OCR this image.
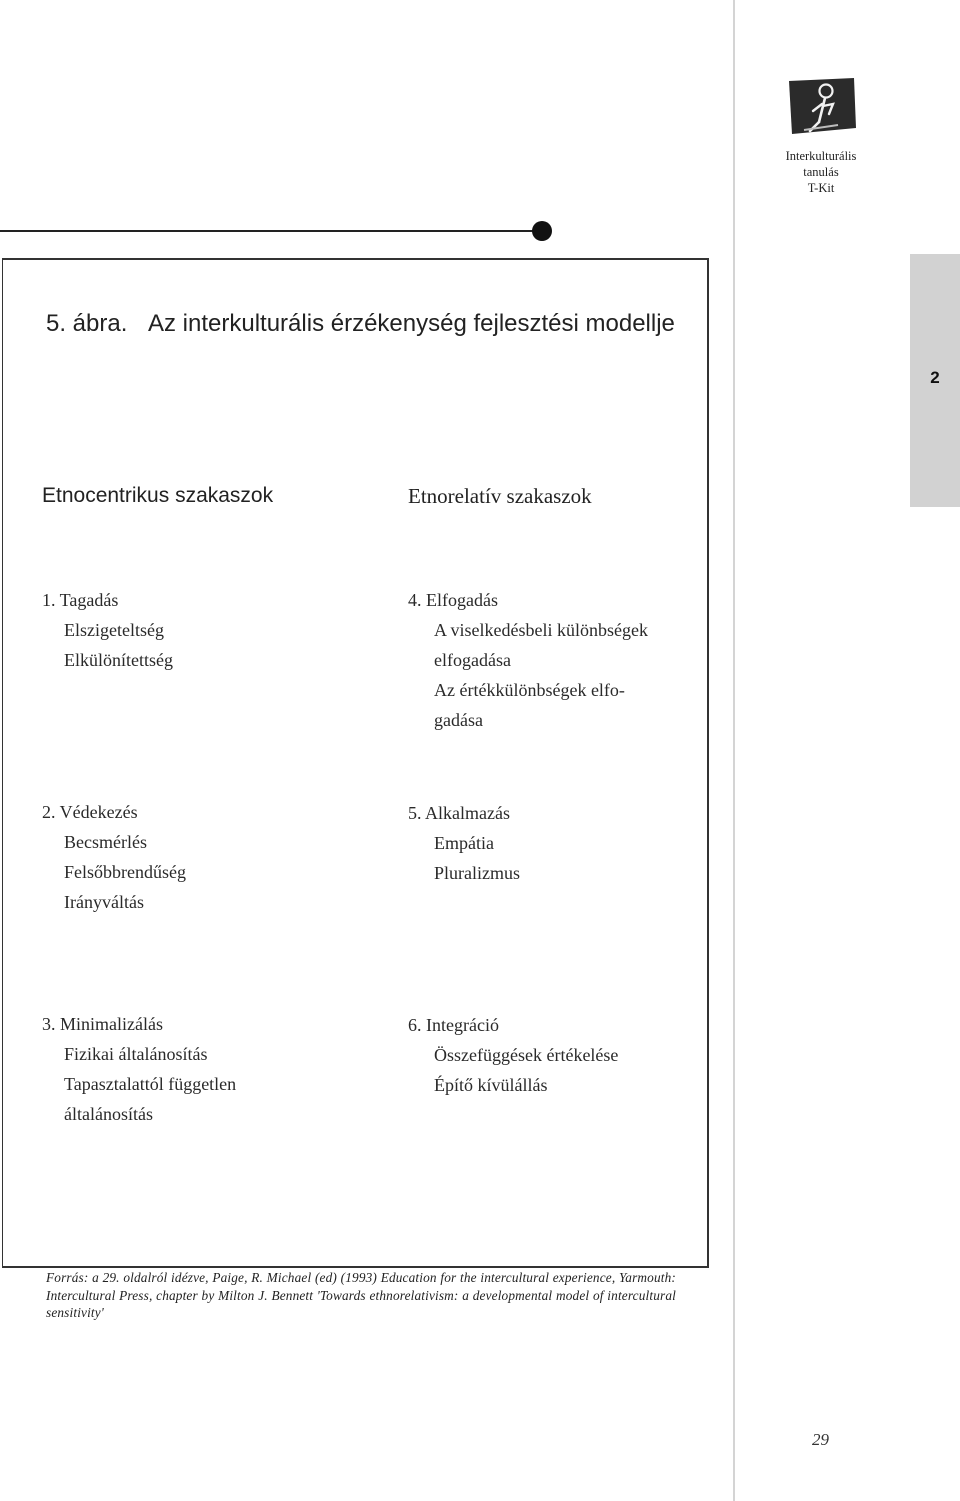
Interkulturális
tanulás
T-Kit
2
5. ábra. Az interkulturális érzékenység fejlesztési modellje
Etnocentrikus szakaszok	Etnorelatív szakaszok
1. Tagadás
Elszigeteltség
Elkülönítettség
2. Védekezés
Becsmérlés
Felsőbbrendűség
Irányváltás
3. Minimalizálás
Fizikai általánosítás
Tapasztalattól független
általánosítás
4. Elfogadás
A viselkedésbeli különbségek
elfogadása
Az értékkülönbségek elfo-
gadása
5. Alkalmazás
Empátia
Pluralizmus
6. Integráció
Összefüggések értékelése
Építő kívülállás
Forrás: a 29. oldalról idézve, Paige, R. Michael (ed) (1993) Education for the intercultural experience, Yarmouth: Intercultural Press, chapter by Milton J. Bennett 'Towards ethnorelativism: a developmental model of intercultural sensitivity'
29
